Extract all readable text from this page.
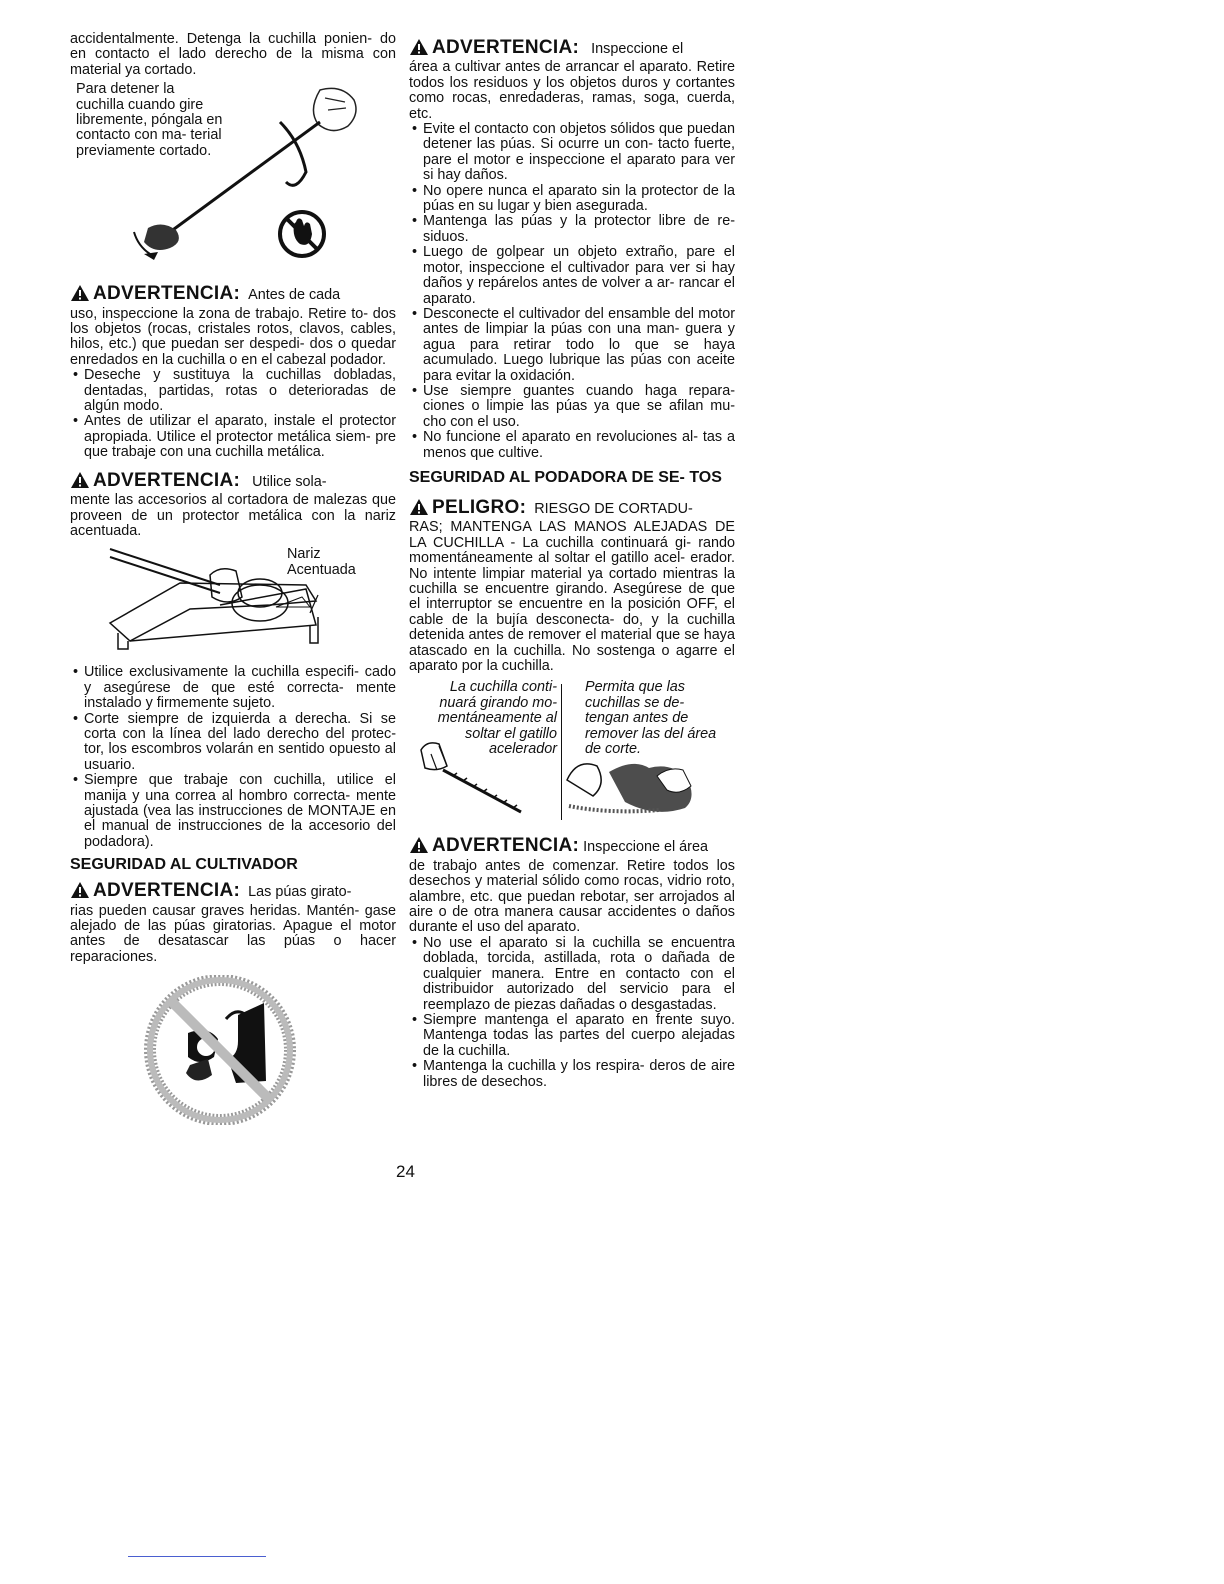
accidentalmente. Detenga la cuchilla ponien- do en contacto el lado derecho de la misma con material ya cortado.

Para detener la cuchilla cuando gire libremente, póngala en contacto con ma- terial previamente cortado.
ADVERTENCIA: Antes de cada

uso, inspeccione la zona de trabajo. Retire to- dos los objetos (rocas, cristales rotos, clavos, cables, hilos, etc.) que puedan ser despedi- dos o quedar enredados en la cuchilla o en el cabezal podador.

• Deseche y sustituya la cuchillas dobladas, dentadas, partidas, rotas o deterioradas de algún modo.
• Antes de utilizar el aparato, instale el protector apropiada. Utilice el protector metálica siem- pre que trabaje con una cuchilla metálica.
ADVERTENCIA: Utilice sola-

mente las accesorios al cortadora de malezas que proveen de un protector metálica con la nariz acentuada.

Nariz
Acentuada
• Utilice exclusivamente la cuchilla especifi- cado y asegúrese de que esté correcta- mente instalado y firmemente sujeto.
• Corte siempre de izquierda a derecha. Si se corta con la línea del lado derecho del protec- tor, los escombros volarán en sentido opuesto al usuario.
• Siempre que trabaje con cuchilla, utilice el manija y una correa al hombro correcta- mente ajustada (vea las instrucciones de MONTAJE en el manual de instrucciones de la accesorio del podadora).
SEGURIDAD AL CULTIVADOR
ADVERTENCIA: Las púas girato-

rias pueden causar graves heridas. Mantén- gase alejado de las púas giratorias. Apague el motor antes de desatascar las púas o hacer reparaciones.

ADVERTENCIA: Inspeccione el

área a cultivar antes de arrancar el aparato. Retire todos los residuos y los objetos duros y cortantes como rocas, enredaderas, ramas, soga, cuerda, etc.

• Evite el contacto con objetos sólidos que puedan detener las púas. Si ocurre un con- tacto fuerte, pare el motor e inspeccione el aparato para ver si hay daños.
• No opere nunca el aparato sin la protector de la púas en su lugar y bien asegurada.
• Mantenga las púas y la protector libre de re- siduos.
• Luego de golpear un objeto extraño, pare el motor, inspeccione el cultivador para ver si hay daños y repárelos antes de volver a ar- rancar el aparato.
• Desconecte el cultivador del ensamble del motor antes de limpiar la púas con una man- guera y agua para retirar todo lo que se haya acumulado. Luego lubrique las púas con aceite para evitar la oxidación.
• Use siempre guantes cuando haga repara- ciones o limpie las púas ya que se afilan mu- cho con el uso.
• No funcione el aparato en revoluciones al- tas a menos que cultive.
SEGURIDAD AL PODADORA DE SE- TOS
PELIGRO: RIESGO DE CORTADU-

RAS; MANTENGA LAS MANOS ALEJADAS DE LA CUCHILLA - La cuchilla continuará gi- rando momentáneamente al soltar el gatillo acel- erador. No intente limpiar material ya cortado mientras la cuchilla se encuentre girando. Asegúrese de que el interruptor se encuentre en la posición OFF, el cable de la bujía desconecta- do, y la cuchilla detenida antes de remover el material que se haya atascado en la cuchilla. No sostenga o agarre el aparato por la cuchilla.

La cuchilla conti- nuará girando mo- mentáneamente al soltar el gatillo acelerador
Permita que las cuchillas se de- tengan antes de remover las del área de corte.
ADVERTENCIA: Inspeccione el área

de trabajo antes de comenzar. Retire todos los desechos y material sólido como rocas, vidrio roto, alambre, etc. que puedan rebotar, ser arrojados al aire o de otra manera causar accidentes o daños durante el uso del aparato.

• No use el aparato si la cuchilla se encuentra doblada, torcida, astillada, rota o dañada de cualquier manera. Entre en contacto con el distribuidor autorizado del servicio para el reemplazo de piezas dañadas o desgastadas.
• Siempre mantenga el aparato en frente suyo. Mantenga todas las partes del cuerpo alejadas de la cuchilla.
• Mantenga la cuchilla y los respira- deros de aire libres de desechos.
24
